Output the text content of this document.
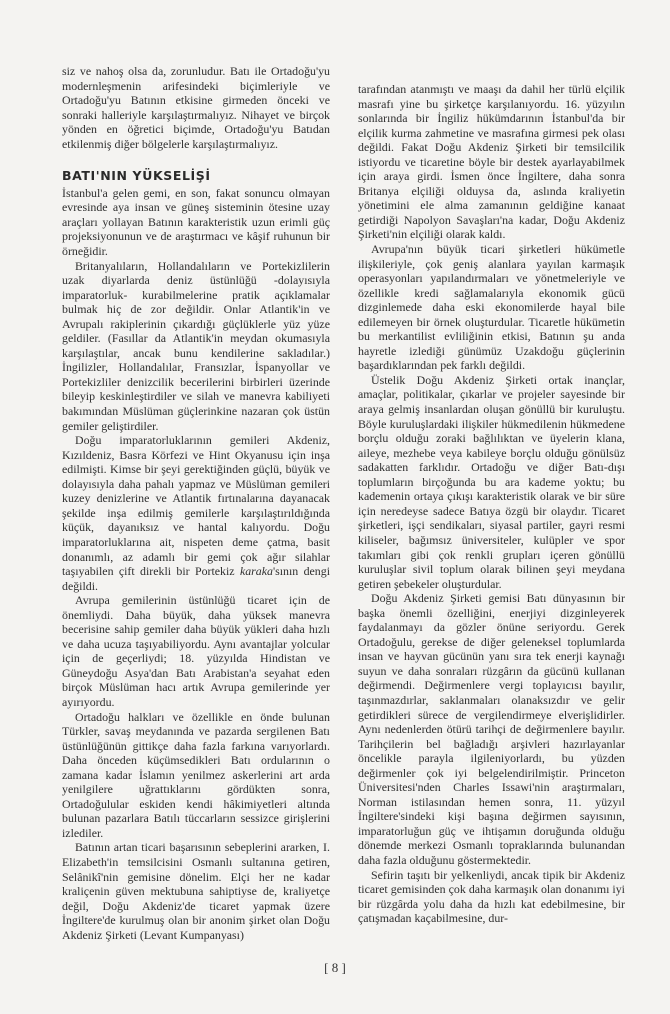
siz ve nahoş olsa da, zorunludur. Batı ile Ortadoğu'yu modernleşmenin arifesindeki biçimleriyle ve Ortadoğu'yu Batının etkisine girmeden önceki ve sonraki halleriyle karşılaştırmalıyız. Nihayet ve birçok yönden en öğretici biçimde, Ortadoğu'yu Batıdan etkilenmiş diğer bölgelerle karşılaştırmalıyız.

BATI'NIN YÜKSELİŞİ

İstanbul'a gelen gemi, en son, fakat sonuncu olmayan evresinde aya insan ve güneş sisteminin ötesine uzay araçları yollayan Batının karakteristik uzun erimli güç projeksiyonunun ve de araştırmacı ve kâşif ruhunun bir örneğidir.

Britanyalıların, Hollandalıların ve Portekizlilerin uzak diyarlarda deniz üstünlüğü -dolayısıyla imparatorluk- kurabilmelerine pratik açıklamalar bulmak hiç de zor değildir. Onlar Atlantik'in ve Avrupalı rakiplerinin çıkardığı güçlüklerle yüz yüze geldiler. (Fasıllar da Atlantik'in meydan okumasıyla karşılaştılar, ancak bunu kendilerine sakladılar.) İngilizler, Hollandalılar, Fransızlar, İspanyollar ve Portekizliler denizcilik becerilerini birbirleri üzerinde bileyip keskinleştirdiler ve silah ve manevra kabiliyeti bakımından Müslüman güçlerinkine nazaran çok üstün gemiler geliştirdiler.

Doğu imparatorluklarının gemileri Akdeniz, Kızıldeniz, Basra Körfezi ve Hint Okyanusu için inşa edilmişti. Kimse bir şeyi gerektiğinden güçlü, büyük ve dolayısıyla daha pahalı yapmaz ve Müslüman gemileri kuzey denizlerine ve Atlantik fırtınalarına dayanacak şekilde inşa edilmiş gemilerle karşılaştırıldığında küçük, dayanıksız ve hantal kalıyordu. Doğu imparatorluklarına ait, nispeten deme çatma, basit donanımlı, az adamlı bir gemi çok ağır silahlar taşıyabilen çift direkli bir Portekiz karaka'sının dengi değildi.

Avrupa gemilerinin üstünlüğü ticaret için de önemliydi. Daha büyük, daha yüksek manevra becerisine sahip gemiler daha büyük yükleri daha hızlı ve daha ucuza taşıyabiliyordu. Aynı avantajlar yolcular için de geçerliydi; 18. yüzyılda Hindistan ve Güneydoğu Asya'dan Batı Arabistan'a seyahat eden birçok Müslüman hacı artık Avrupa gemilerinde yer ayırıyordu.

Ortadoğu halkları ve özellikle en önde bulunan Türkler, savaş meydanında ve pazarda sergilenen Batı üstünlüğünün gittikçe daha fazla farkına varıyorlardı. Daha önceden küçümsedikleri Batı ordularının o zamana kadar İslamın yenilmez askerlerini art arda yenilgilere uğrattıklarını gördükten sonra, Ortadoğulular eskiden kendi hâkimiyetleri altında bulunan pazarlara Batılı tüccarların sessizce girişlerini izlediler.

Batının artan ticari başarısının sebeplerini ararken, I. Elizabeth'in temsilcisini Osmanlı sultanına getiren, Selânikî'nin gemisine dönelim. Elçi her ne kadar kraliçenin güven mektubuna sahiptiyse de, kraliyetçe değil, Doğu Akdeniz'de ticaret yapmak üzere İngiltere'de kurulmuş olan bir anonim şirket olan Doğu Akdeniz Şirketi (Levant Kumpanyası)

tarafından atanmıştı ve maaşı da dahil her türlü elçilik masrafı yine bu şirketçe karşılanıyordu. 16. yüzyılın sonlarında bir İngiliz hükümdarının İstanbul'da bir elçilik kurma zahmetine ve masrafına girmesi pek olası değildi. Fakat Doğu Akdeniz Şirketi bir temsilcilik istiyordu ve ticaretine böyle bir destek ayarlayabilmek için araya girdi. İsmen önce İngiltere, daha sonra Britanya elçiliği olduysa da, aslında kraliyetin yönetimini ele alma zamanının geldiğine kanaat getirdiği Napolyon Savaşları'na kadar, Doğu Akdeniz Şirketi'nin elçiliği olarak kaldı.

Avrupa'nın büyük ticari şirketleri hükümetle ilişkileriyle, çok geniş alanlara yayılan karmaşık operasyonları yapılandırmaları ve yönetmeleriyle ve özellikle kredi sağlamalarıyla ekonomik gücü dizginlemede daha eski ekonomilerde hayal bile edilemeyen bir örnek oluşturdular. Ticaretle hükümetin bu merkantilist evliliğinin etkisi, Batının şu anda hayretle izlediği günümüz Uzakdoğu güçlerinin başardıklarından pek farklı değildi.

Üstelik Doğu Akdeniz Şirketi ortak inançlar, amaçlar, politikalar, çıkarlar ve projeler sayesinde bir araya gelmiş insanlardan oluşan gönüllü bir kuruluştu. Böyle kuruluşlardaki ilişkiler hükmedilenin hükmedene borçlu olduğu zoraki bağlılıktan ve üyelerin klana, aileye, mezhebe veya kabileye borçlu olduğu gönülsüz sadakatten farklıdır. Ortadoğu ve diğer Batı-dışı toplumların birçoğunda bu ara kademe yoktu; bu kademenin ortaya çıkışı karakteristik olarak ve bir süre için neredeyse sadece Batıya özgü bir olaydır. Ticaret şirketleri, işçi sendikaları, siyasal partiler, gayri resmi kiliseler, bağımsız üniversiteler, kulüpler ve spor takımları gibi çok renkli grupları içeren gönüllü kuruluşlar sivil toplum olarak bilinen şeyi meydana getiren şebekeler oluşturdular.

Doğu Akdeniz Şirketi gemisi Batı dünyasının bir başka önemli özelliğini, enerjiyi dizginleyerek faydalanmayı da gözler önüne seriyordu. Gerek Ortadoğulu, gerekse de diğer geleneksel toplumlarda insan ve hayvan gücünün yanı sıra tek enerji kaynağı suyun ve daha sonraları rüzgârın da gücünü kullanan değirmendi. Değirmenlere vergi toplayıcısı bayılır, taşınmazdırlar, saklanmaları olanaksızdır ve gelir getirdikleri sürece de vergilendirmeye elverişlidirler. Aynı nedenlerden ötürü tarihçi de değirmenlere bayılır. Tarihçilerin bel bağladığı arşivleri hazırlayanlar öncelikle parayla ilgileniyorlardı, bu yüzden değirmenler çok iyi belgelendirilmiştir. Princeton Üniversitesi'nden Charles Issawi'nin araştırmaları, Norman istilasından hemen sonra, 11. yüzyıl İngiltere'sindeki kişi başına değirmen sayısının, imparatorluğun güç ve ihtişamın doruğunda olduğu dönemde merkezi Osmanlı topraklarında bulunandan daha fazla olduğunu göstermektedir.

Sefirin taşıtı bir yelkenliydi, ancak tipik bir Akdeniz ticaret gemisinden çok daha karmaşık olan donanımı iyi bir rüzgârda yolu daha da hızlı kat edebilmesine, bir çatışmadan kaçabilmesine, dur-

[ 8 ]
